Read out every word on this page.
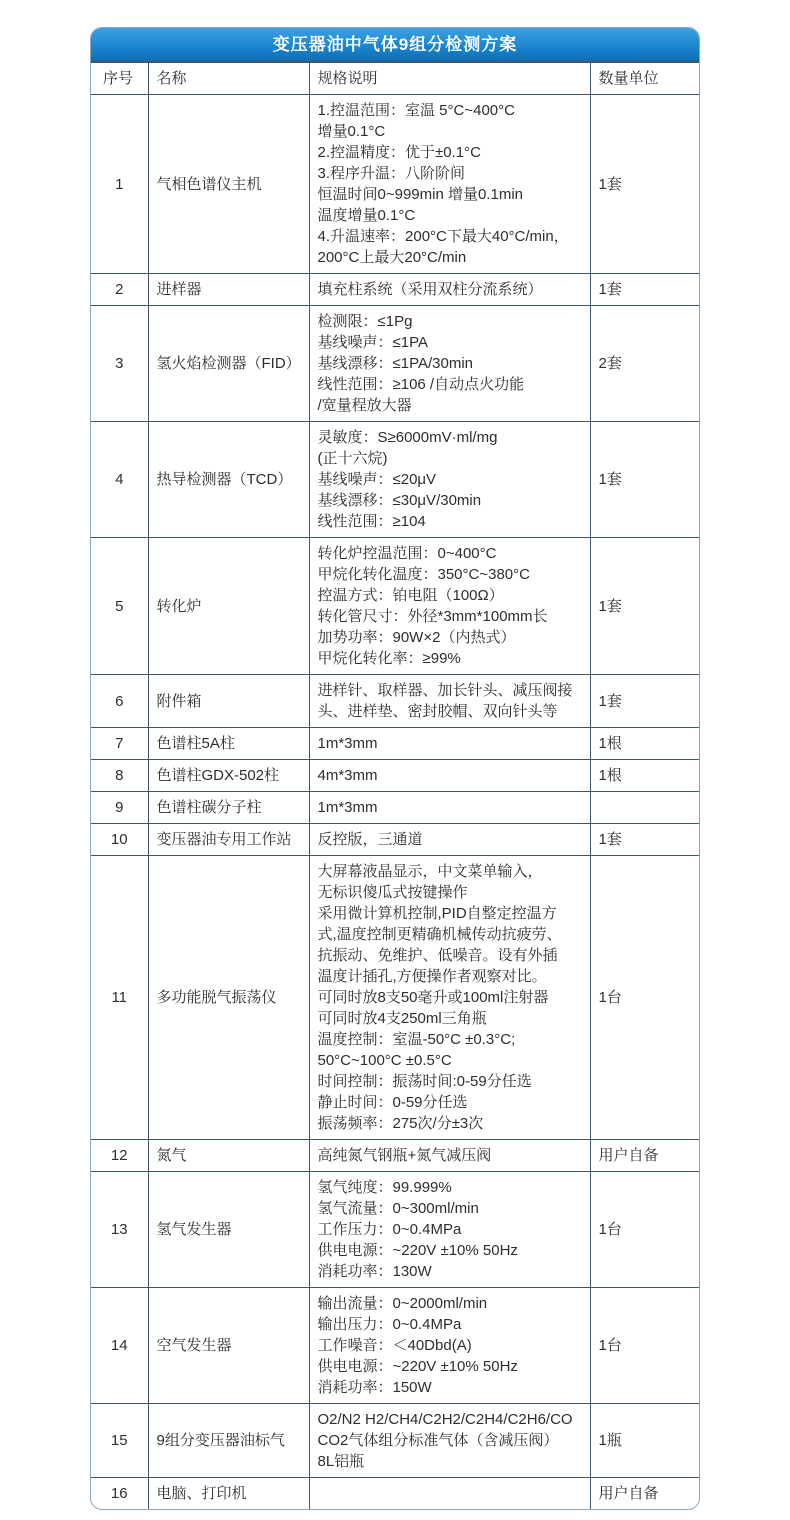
变压器油中气体9组分检测方案
序号	名称	规格说明	数量单位
1	气相色谱仪主机	
1.控温范围：室温 5°C~400°C
增量0.1°C
2.控温精度：优于±0.1°C
3.程序升温：八阶阶间
恒温时间0~999min 增量0.1min
温度增量0.1°C
4.升温速率：200°C下最大40°C/min，
200°C上最大20°C/min
	1套
2	进样器	填充柱系统（采用双柱分流系统）	1套
3	氢火焰检测器（FID）	检测限：≤1Pg
基线噪声：≤1PA
基线漂移：≤1PA/30min
线性范围：≥106 /自动点火功能
/宽量程放大器	2套
4	热导检测器（TCD）	灵敏度：S≥6000mV·ml/mg
(正十六烷)
基线噪声：≤20μV
基线漂移：≤30μV/30min
线性范围：≥104	1套
5	转化炉	
转化炉控温范围：0~400°C
甲烷化转化温度：350°C~380°C
控温方式：铂电阻（100Ω）
转化管尺寸：外径*3mm*100mm长
加势功率：90W×2（内热式）
甲烷化转化率：≥99%
	1套
6	附件箱	进样针、取样器、加长针头、减压阀接头、进样垫、密封胶帽、双向针头等	1套
7	色谱柱5A柱	1m*3mm	1根
8	色谱柱GDX-502柱	4m*3mm	1根
9	色谱柱碳分子柱	1m*3mm	

10	变压器油专用工作站	反控版，三通道	1套
11	多功能脱气振荡仪	
大屏幕液晶显示，中文菜单输入，
无标识傻瓜式按键操作
采用微计算机控制,PID自整定控温方
式,温度控制更精确机械传动抗疲劳、
抗振动、免维护、低噪音。设有外插
温度计插孔,方便操作者观察对比。
可同时放8支50毫升或100ml注射器
可同时放4支250ml三角瓶
温度控制：室温-50°C ±0.3°C;
50°C~100°C ±0.5°C
时间控制：振荡时间:0-59分任选
静止时间：0-59分任选
振荡频率：275次/分±3次
	1台
12	氮气	高纯氮气钢瓶+氮气减压阀	用户自备
13	氢气发生器	氢气纯度：99.999%
氢气流量：0~300ml/min
工作压力：0~0.4MPa
供电电源：~220V ±10% 50Hz
消耗功率：130W	1台
14	空气发生器	输出流量：0~2000ml/min
输出压力：0~0.4MPa
工作噪音：＜40Dbd(A)
供电电源：~220V ±10% 50Hz
消耗功率：150W	1台
15	9组分变压器油标气	O2/N2 H2/CH4/C2H2/C2H4/C2H6/CO
CO2气体组分标准气体（含减压阀）
8L铝瓶	1瓶
16	电脑、打印机		用户自备
